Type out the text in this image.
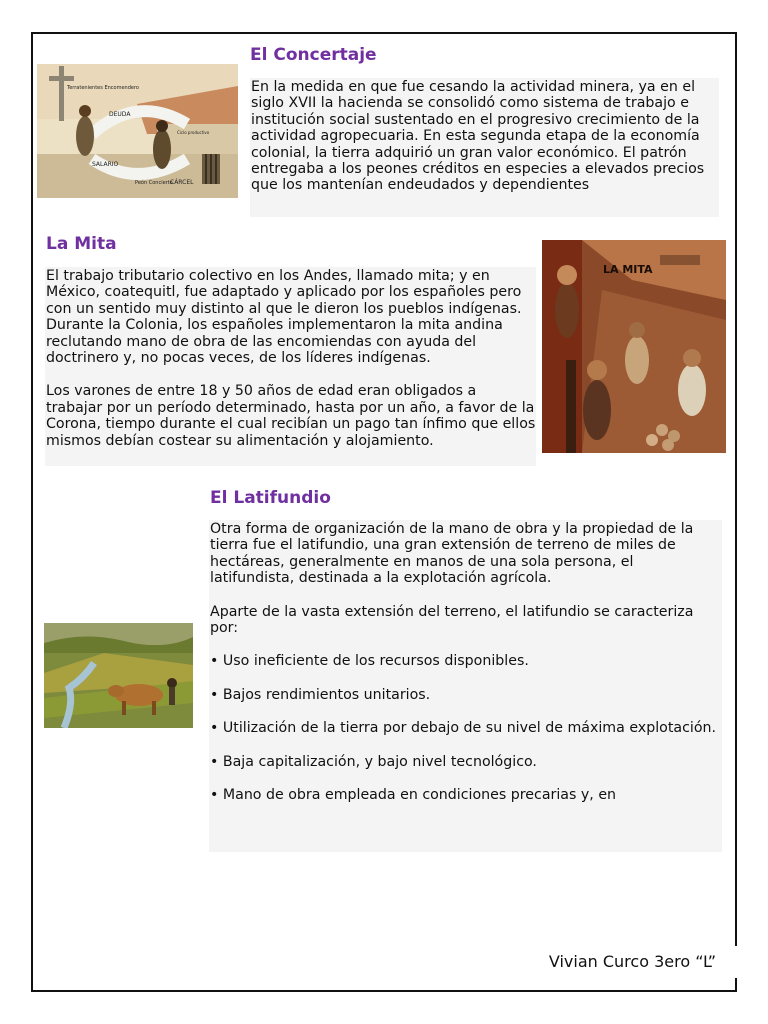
El Concertaje
Terratenientes Encomendero
DEUDA
SALARIO
Ciclo productivo
Peón Concierto
CÁRCEL

En la medida en que fue cesando la actividad minera, ya en el siglo XVII la hacienda se consolidó como sistema de trabajo e institución social sustentado en el progresivo crecimiento de la actividad agropecuaria. En esta segunda etapa de la economía colonial, la tierra adquirió un gran valor económico. El patrón entregaba a los peones créditos en especies a elevados precios que los mantenían endeudados y dependientes

La Mita

El trabajo tributario colectivo en los Andes, llamado mita; y en México, coatequitl, fue adaptado y aplicado por los españoles pero con un sentido muy distinto al que le dieron los pueblos indígenas. Durante la Colonia, los españoles implementaron la mita andina reclutando mano de obra de las encomiendas con ayuda del doctrinero y, no pocas veces, de los líderes indígenas.

Los varones de entre 18 y 50 años de edad eran obligados a trabajar por un período determinado, hasta por un año, a favor de la Corona, tiempo durante el cual recibían un pago tan ínfimo que ellos mismos debían costear su alimentación y alojamiento.

LA MITA
El Latifundio

Otra forma de organización de la mano de obra y la propiedad de la tierra fue el latifundio, una gran extensión de terreno de miles de hectáreas, generalmente en manos de una sola persona, el latifundista, destinada a la explotación agrícola.

Aparte de la vasta extensión del terreno, el latifundio se caracteriza por:

• Uso ineficiente de los recursos disponibles.

• Bajos rendimientos unitarios.

• Utilización de la tierra por debajo de su nivel de máxima explotación.

• Baja capitalización, y bajo nivel tecnológico.

• Mano de obra empleada en condiciones precarias y, en

Vivian Curco 3ero “L”
